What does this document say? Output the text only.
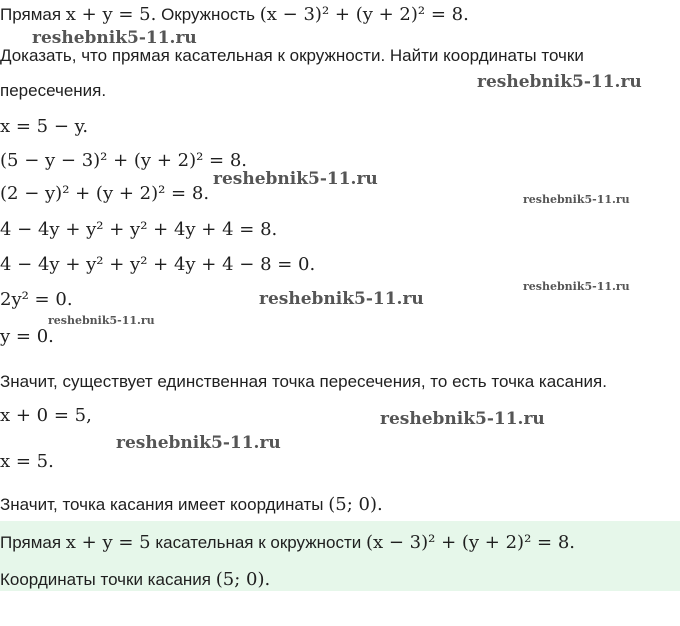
Прямая x + y = 5. Окружность (x − 3)² + (y + 2)² = 8.
Доказать, что прямая касательная к окружности. Найти координаты точки
пересечения.
x = 5 − y.
(5 − y − 3)² + (y + 2)² = 8.
(2 − y)² + (y + 2)² = 8.
4 − 4y + y² + y² + 4y + 4 = 8.
4 − 4y + y² + y² + 4y + 4 − 8 = 0.
2y² = 0.
y = 0.
Значит, существует единственная точка пересечения, то есть точка касания.
x + 0 = 5,
x = 5.
Значит, точка касания имеет координаты (5; 0).
Прямая x + y = 5 касательная к окружности (x − 3)² + (y + 2)² = 8.
Координаты точки касания (5; 0).
reshebnik5-11.ru
reshebnik5-11.ru
reshebnik5-11.ru
reshebnik5-11.ru
reshebnik5-11.ru
reshebnik5-11.ru
reshebnik5-11.ru
reshebnik5-11.ru
reshebnik5-11.ru
